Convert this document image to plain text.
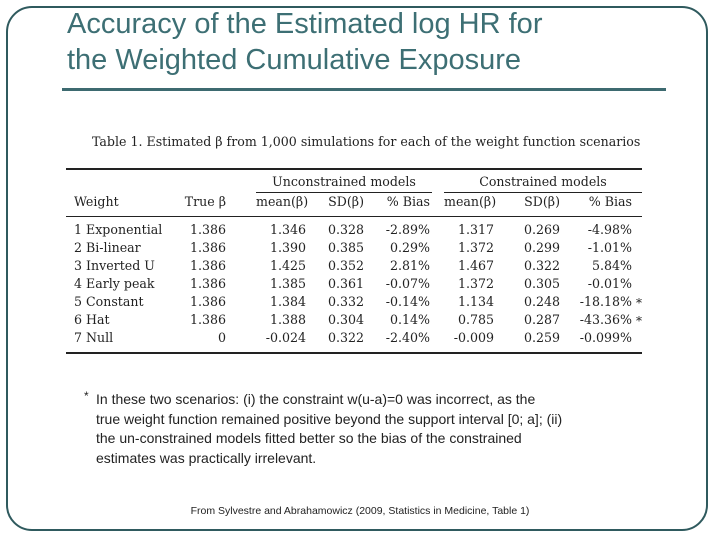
Accuracy of the Estimated log HR for
the Weighted Cumulative Exposure
Table 1. Estimated β from 1,000 simulations for each of the weight function scenarios
Unconstrained models	Constrained models
Weight	True β mean(β)	SD(β)	% Bias mean(β)	SD(β)	% Bias
1 Exponential	1.386	1.346	0.328	-2.89%	1.317	0.269	-4.98%
2 Bi-linear	1.386	1.390	0.385	0.29%	1.372	0.299	-1.01%
3 Inverted U	1.386	1.425	0.352	2.81%	1.467	0.322	5.84%
4 Early peak	1.386	1.385	0.361	-0.07%	1.372	0.305	-0.01%
5 Constant	1.386	1.384	0.332	-0.14%	1.134	0.248	-18.18% *
6 Hat	1.386	1.388	0.304	0.14%	0.785	0.287	-43.36% *
7 Null	0	-0.024	0.322	-2.40%	-0.009	0.259	-0.099%
* In these two scenarios: (i) the constraint w(u-a)=0 was incorrect, as the
true weight function remained positive beyond the support interval [0; a]; (ii)
the un-constrained models fitted better so the bias of the constrained
estimates was practically irrelevant.
From Sylvestre and Abrahamowicz (2009, Statistics in Medicine, Table 1)
